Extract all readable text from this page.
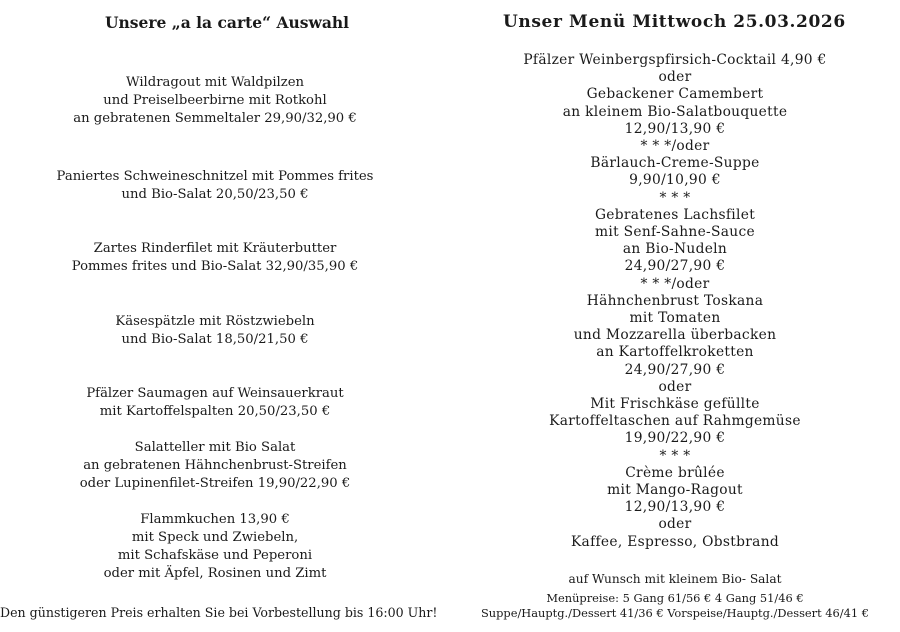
Unsere „a la carte“ Auswahl	Unser Menü Mittwoch 25.03.2026
Wildragout mit Waldpilzen
und Preiselbeerbirne mit Rotkohl
an gebratenen Semmeltaler 29,90/32,90 €
Paniertes Schweineschnitzel mit Pommes frites
und Bio-Salat 20,50/23,50 €
Zartes Rinderfilet mit Kräuterbutter
Pommes frites und Bio-Salat 32,90/35,90 €
Käsespätzle mit Röstzwiebeln
und Bio-Salat 18,50/21,50 €
Pfälzer Saumagen auf Weinsauerkraut
mit Kartoffelspalten 20,50/23,50 €
Salatteller mit Bio Salat
an gebratenen Hähnchenbrust-Streifen
oder Lupinenfilet-Streifen 19,90/22,90 €
Flammkuchen 13,90 €
mit Speck und Zwiebeln,
mit Schafskäse und Peperoni
oder mit Äpfel, Rosinen und Zimt
Den günstigeren Preis erhalten Sie bei Vorbestellung bis 16:00 Uhr!
Pfälzer Weinbergspfirsich-Cocktail 4,90 €
oder
Gebackener Camembert
an kleinem Bio-Salatbouquette
12,90/13,90 €
* * */oder
Bärlauch-Creme-Suppe
9,90/10,90 €
* * *
Gebratenes Lachsfilet
mit Senf-Sahne-Sauce
an Bio-Nudeln
24,90/27,90 €
* * */oder
Hähnchenbrust Toskana
mit Tomaten
und Mozzarella überbacken
an Kartoffelkroketten
24,90/27,90 €
oder
Mit Frischkäse gefüllte
Kartoffeltaschen auf Rahmgemüse
19,90/22,90 €
* * *
Crème brûlée
mit Mango-Ragout
12,90/13,90 €
oder
Kaffee, Espresso, Obstbrand
auf Wunsch mit kleinem Bio- Salat
Menüpreise: 5 Gang 61/56 € 4 Gang 51/46 €
Suppe/Hauptg./Dessert 41/36 € Vorspeise/Hauptg./Dessert 46/41 €
